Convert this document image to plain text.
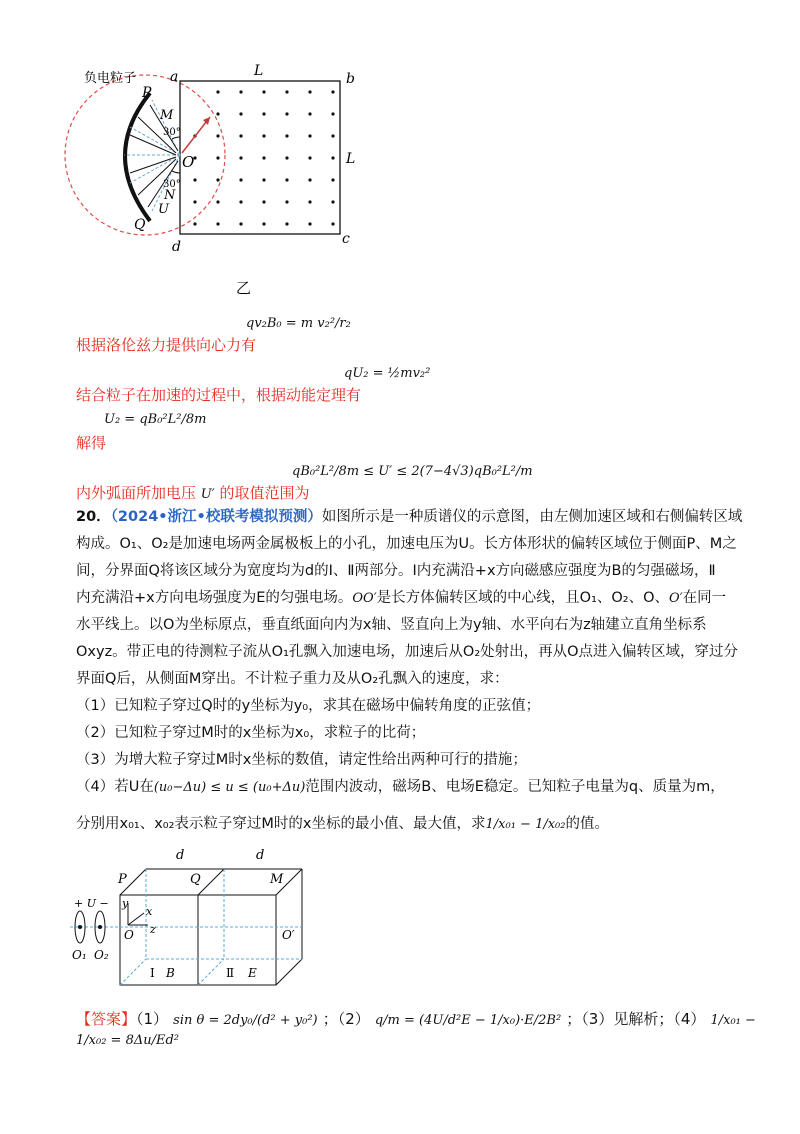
负电粒子 a	L	b
L
c
d
P
M
30°
O
30°
N
U
Q
乙
qv₂B₀ = m v₂²/r₂
根据洛伦兹力提供向心力有
qU₂ = ½mv₂²
结合粒子在加速的过程中，根据动能定理有
U₂ = qB₀²L²/8m
解得
qB₀²L²/8m ≤ U′ ≤ 2(7−4√3)qB₀²L²/m
内外弧面所加电压 U′ 的取值范围为
20．（2024•浙江•校联考模拟预测）如图所示是一种质谱仪的示意图，由左侧加速区域和右侧偏转区域
构成。O₁、O₂是加速电场两金属极板上的小孔，加速电压为U。长方体形状的偏转区域位于侧面P、M之
间，分界面Q将该区域分为宽度均为d的Ⅰ、Ⅱ两部分。Ⅰ内充满沿+x方向磁感应强度为B的匀强磁场，Ⅱ
内充满沿+x方向电场强度为E的匀强电场。OO′是长方体偏转区域的中心线，且O₁、O₂、O、O′在同一
水平线上。以O为坐标原点，垂直纸面向内为x轴、竖直向上为y轴、水平向右为z轴建立直角坐标系
Oxyz。带正电的待测粒子流从O₁孔飘入加速电场，加速后从O₂处射出，再从O点进入偏转区域，穿过分
界面Q后，从侧面M穿出。不计粒子重力及从O₂孔飘入的速度，求：
（1）已知粒子穿过Q时的y坐标为y₀，求其在磁场中偏转角度的正弦值；
（2）已知粒子穿过M时的x坐标为x₀，求粒子的比荷；
（3）为增大粒子穿过M时x坐标的数值，请定性给出两种可行的措施；
（4）若U在(u₀−Δu) ≤ u ≤ (u₀+Δu)范围内波动，磁场B、电场E稳定。已知粒子电量为q、质量为m，
分别用x₀₁、x₀₂表示粒子穿过M时的x坐标的最小值、最大值，求1/x₀₁ − 1/x₀₂的值。
d	d
P	Q	M
+ U − y
x
z
O
O₁ O₂
O′
Ⅰ B	Ⅱ E
【答案】（1） sin θ = 2dy₀/(d² + y₀²) ；（2） q/m = (4U/d²E − 1/x₀)·E/2B² ；（3）见解析；（4） 1/x₀₁ − 1/x₀₂ = 8Δu/Ed²
